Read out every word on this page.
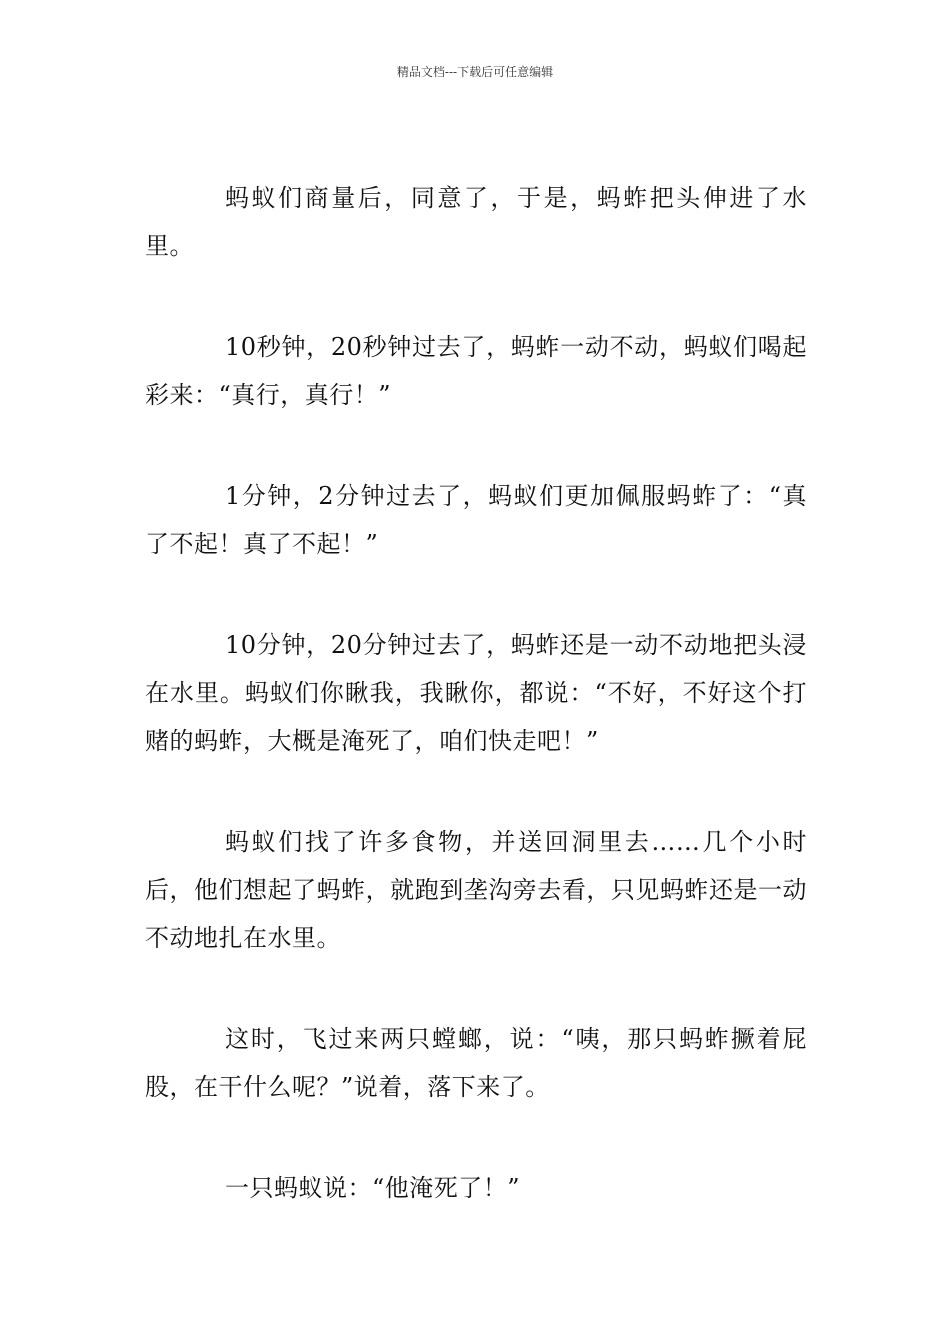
精品文档---下载后可任意编辑

蚂蚁们商量后，同意了，于是，蚂蚱把头伸进了水里。

10秒钟，20秒钟过去了，蚂蚱一动不动，蚂蚁们喝起彩来：“真行，真行！”

1分钟，2分钟过去了，蚂蚁们更加佩服蚂蚱了：“真了不起！真了不起！”

10分钟，20分钟过去了，蚂蚱还是一动不动地把头浸在水里。蚂蚁们你瞅我，我瞅你，都说：“不好，不好这个打赌的蚂蚱，大概是淹死了，咱们快走吧！”

蚂蚁们找了许多食物，并送回洞里去……几个小时后，他们想起了蚂蚱，就跑到垄沟旁去看，只见蚂蚱还是一动不动地扎在水里。

这时，飞过来两只螳螂，说：“咦，那只蚂蚱撅着屁股，在干什么呢？”说着，落下来了。

一只蚂蚁说：“他淹死了！”
